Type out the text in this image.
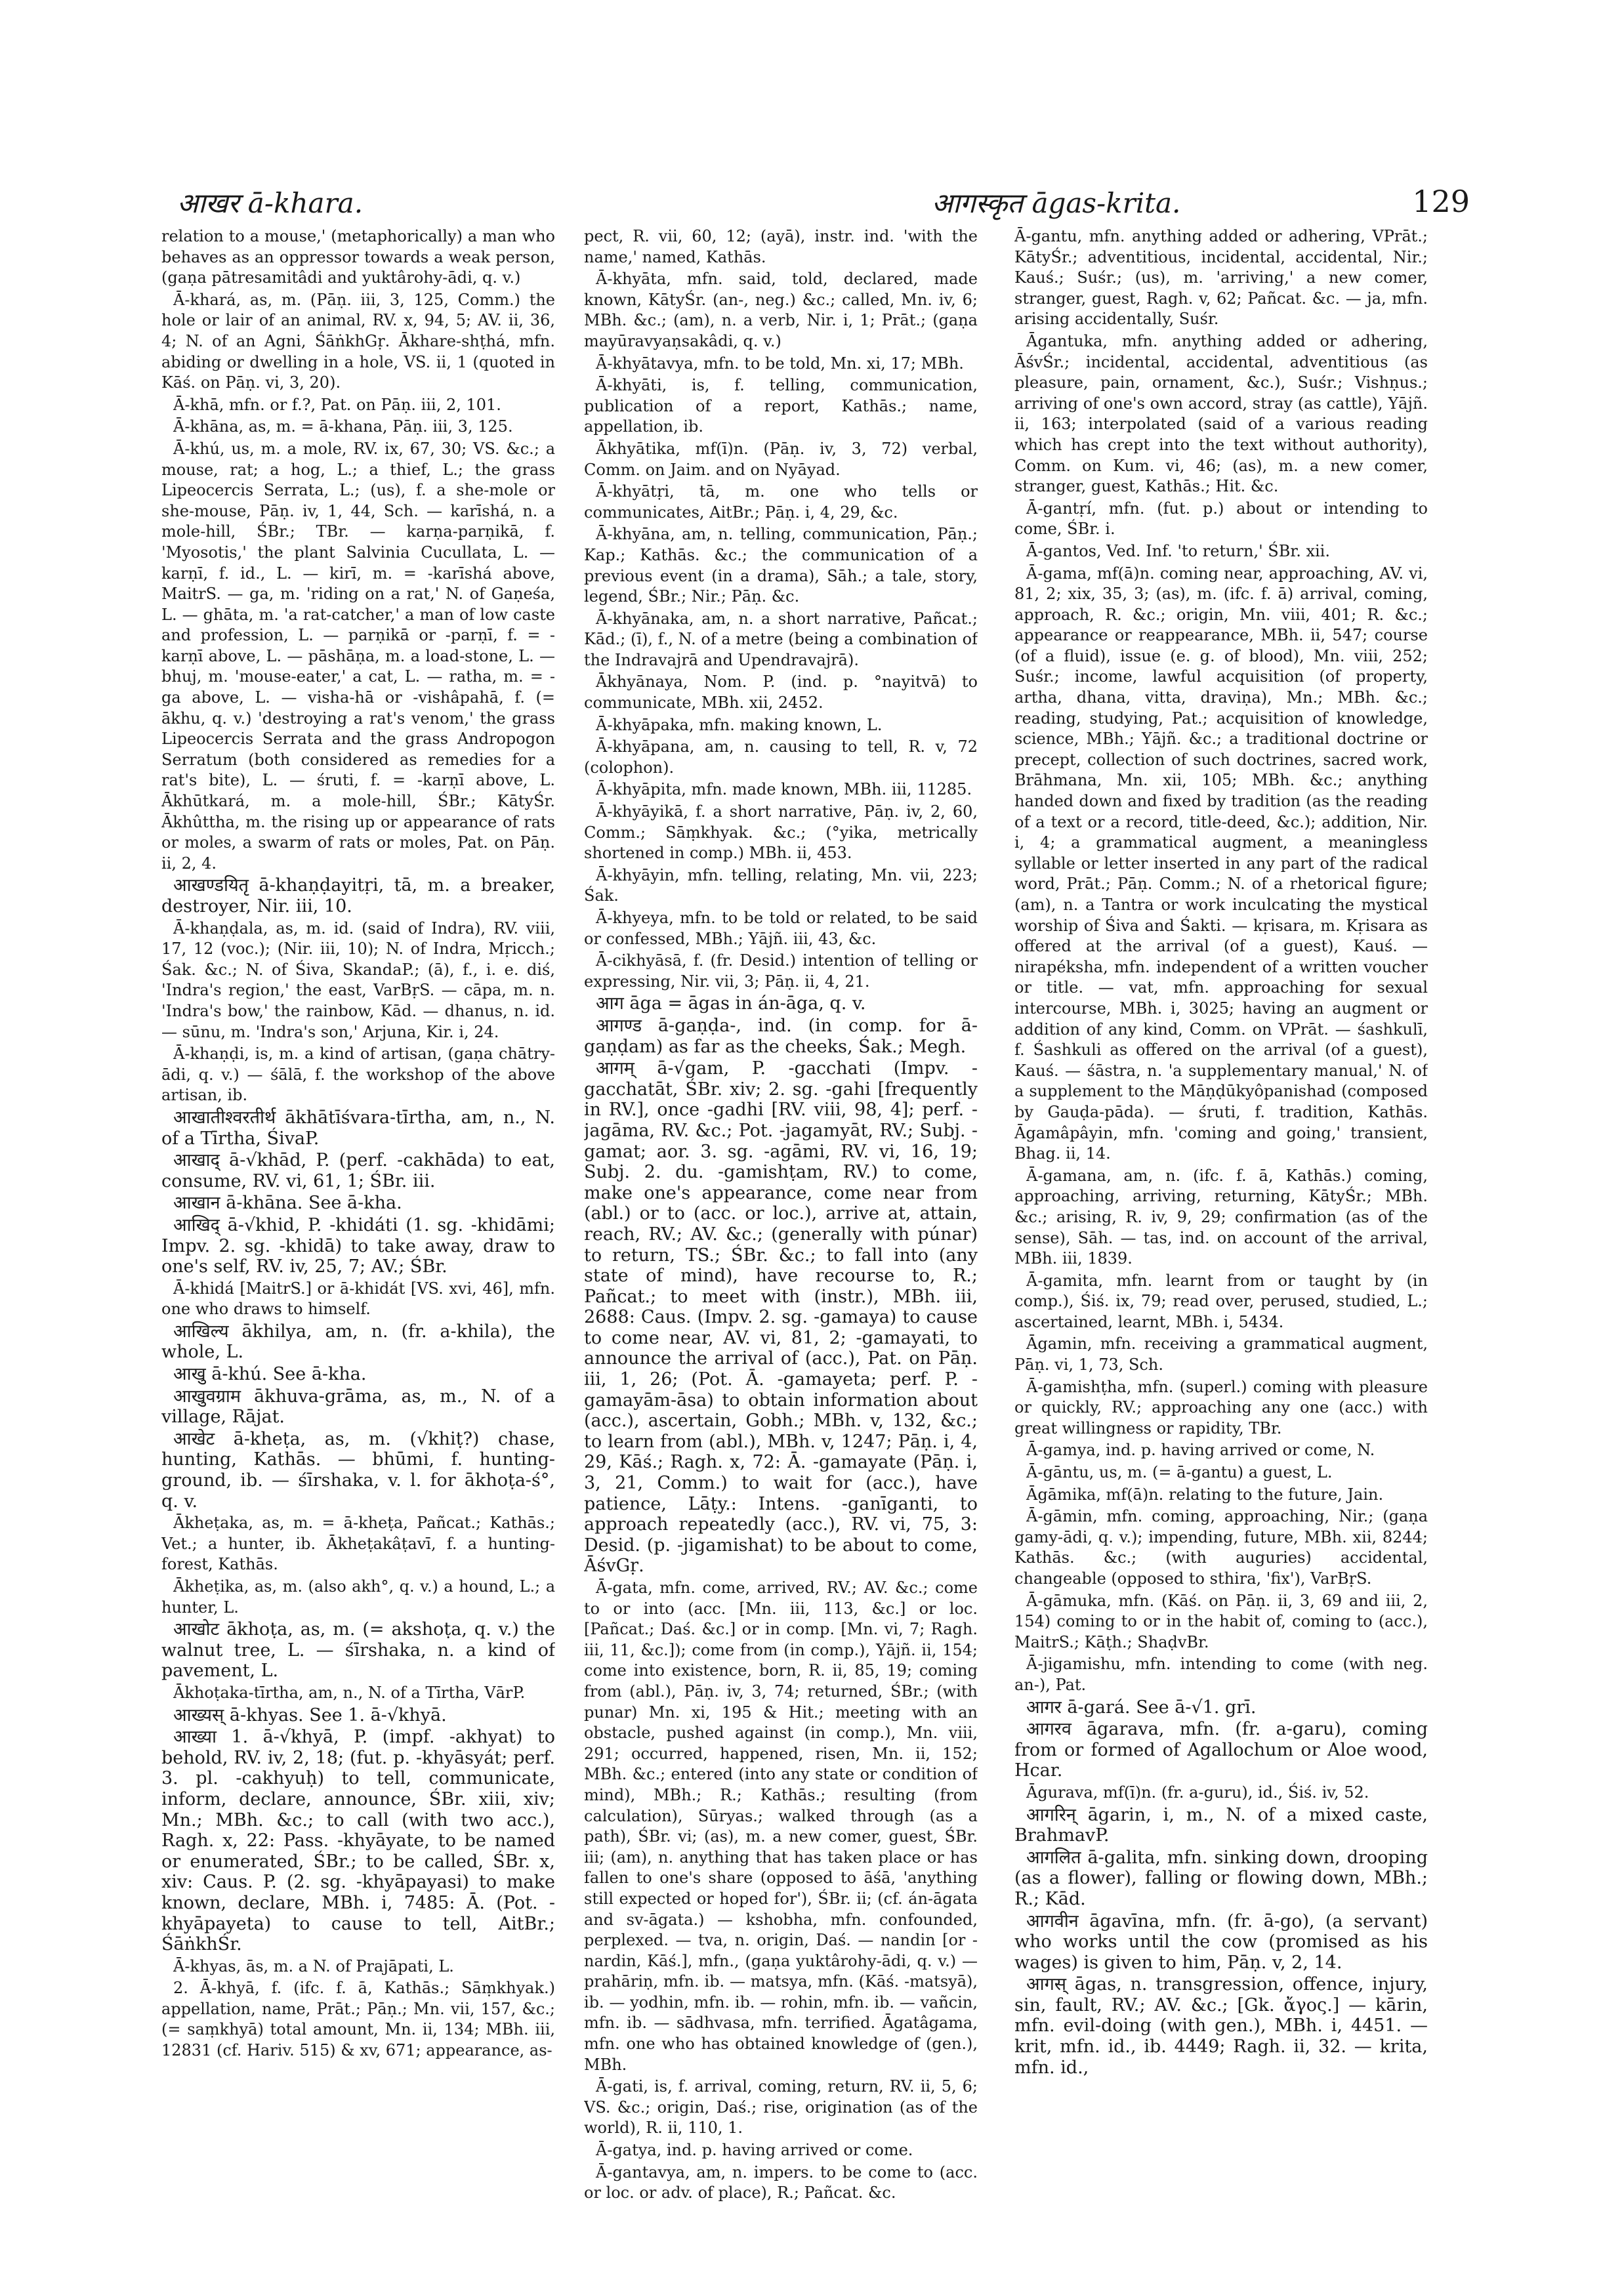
आखर ā-khara.	आगस्कृत āgas-krita.	129

relation to a mouse,' (metaphorically) a man who behaves as an oppressor towards a weak person, (gaṇa pātresamitâdi and yuktârohy-ādi, q. v.)

Ā-khará, as, m. (Pāṇ. iii, 3, 125, Comm.) the hole or lair of an animal, RV. x, 94, 5; AV. ii, 36, 4; N. of an Agni, ŚāṅkhGṛ. Ākhare-shṭhá, mfn. abiding or dwelling in a hole, VS. ii, 1 (quoted in Kāś. on Pāṇ. vi, 3, 20).

Ā-khā, mfn. or f.?, Pat. on Pāṇ. iii, 2, 101.

Ā-khāna, as, m. = ā-khana, Pāṇ. iii, 3, 125.

Ā-khú, us, m. a mole, RV. ix, 67, 30; VS. &c.; a mouse, rat; a hog, L.; a thief, L.; the grass Lipeocercis Serrata, L.; (us), f. a she-mole or she-mouse, Pāṇ. iv, 1, 44, Sch. — karīshá, n. a mole-hill, ŚBr.; TBr. — karṇa-parṇikā, f. 'Myosotis,' the plant Salvinia Cucullata, L. — karṇī, f. id., L. — kirī, m. = -karīshá above, MaitrS. — ga, m. 'riding on a rat,' N. of Gaṇeśa, L. — ghāta, m. 'a rat-catcher,' a man of low caste and profession, L. — parṇikā or -parṇī, f. = -karṇī above, L. — pāshāṇa, m. a load-stone, L. — bhuj, m. 'mouse-eater,' a cat, L. — ratha, m. = -ga above, L. — visha-hā or -vishâpahā, f. (= ākhu, q. v.) 'destroying a rat's venom,' the grass Lipeocercis Serrata and the grass Andropogon Serratum (both considered as remedies for a rat's bite), L. — śruti, f. = -karṇī above, L. Ākhūtkará, m. a mole-hill, ŚBr.; KātyŚr. Ākhûttha, m. the rising up or appearance of rats or moles, a swarm of rats or moles, Pat. on Pāṇ. ii, 2, 4.

आखण्डयितृ ā-khaṇḍayitṛi, tā, m. a breaker, destroyer, Nir. iii, 10.

Ā-khaṇḍala, as, m. id. (said of Indra), RV. viii, 17, 12 (voc.); (Nir. iii, 10); N. of Indra, Mṛicch.; Śak. &c.; N. of Śiva, SkandaP.; (ā), f., i. e. diś, 'Indra's region,' the east, VarBṛS. — cāpa, m. n. 'Indra's bow,' the rainbow, Kād. — dhanus, n. id. — sūnu, m. 'Indra's son,' Arjuna, Kir. i, 24.

Ā-khaṇḍi, is, m. a kind of artisan, (gaṇa chātry-ādi, q. v.) — śālā, f. the workshop of the above artisan, ib.

आखातीश्वरतीर्थ ākhātīśvara-tīrtha, am, n., N. of a Tīrtha, ŚivaP.

आखाद् ā-√khād, P. (perf. -cakhāda) to eat, consume, RV. vi, 61, 1; ŚBr. iii.

आखान ā-khāna. See ā-kha.

आखिद् ā-√khid, P. -khidáti (1. sg. -khidāmi; Impv. 2. sg. -khidā) to take away, draw to one's self, RV. iv, 25, 7; AV.; ŚBr.

Ā-khidá [MaitrS.] or ā-khidát [VS. xvi, 46], mfn. one who draws to himself.

आखिल्य ākhilya, am, n. (fr. a-khila), the whole, L.

आखु ā-khú. See ā-kha.

आखुवग्राम ākhuva-grāma, as, m., N. of a village, Rājat.

आखेट ā-kheṭa, as, m. (√khiṭ?) chase, hunting, Kathās. — bhūmi, f. hunting-ground, ib. — śīrshaka, v. l. for ākhoṭa-ś°, q. v.

Ākheṭaka, as, m. = ā-kheṭa, Pañcat.; Kathās.; Vet.; a hunter, ib. Ākheṭakâṭavī, f. a hunting-forest, Kathās.

Ākheṭika, as, m. (also akh°, q. v.) a hound, L.; a hunter, L.

आखोट ākhoṭa, as, m. (= akshoṭa, q. v.) the walnut tree, L. — śīrshaka, n. a kind of pavement, L.

Ākhoṭaka-tīrtha, am, n., N. of a Tīrtha, VārP.

आख्यस् ā-khyas. See 1. ā-√khyā.

आख्या 1. ā-√khyā, P. (impf. -akhyat) to behold, RV. iv, 2, 18; (fut. p. -khyāsyát; perf. 3. pl. -cakhyuḥ) to tell, communicate, inform, declare, announce, ŚBr. xiii, xiv; Mn.; MBh. &c.; to call (with two acc.), Ragh. x, 22: Pass. -khyāyate, to be named or enumerated, ŚBr.; to be called, ŚBr. x, xiv: Caus. P. (2. sg. -khyāpayasi) to make known, declare, MBh. i, 7485: Ā. (Pot. -khyāpayeta) to cause to tell, AitBr.; ŚāṅkhŚr.

Ā-khyas, ās, m. a N. of Prajāpati, L.

2. Ā-khyā, f. (ifc. f. ā, Kathās.; Sāṃkhyak.) appellation, name, Prāt.; Pāṇ.; Mn. vii, 157, &c.; (= saṃkhyā) total amount, Mn. ii, 134; MBh. iii, 12831 (cf. Hariv. 515) & xv, 671; appearance, as-

pect, R. vii, 60, 12; (ayā), instr. ind. 'with the name,' named, Kathās.

Ā-khyāta, mfn. said, told, declared, made known, KātyŚr. (an-, neg.) &c.; called, Mn. iv, 6; MBh. &c.; (am), n. a verb, Nir. i, 1; Prāt.; (gaṇa mayūravyaṇsakâdi, q. v.)

Ā-khyātavya, mfn. to be told, Mn. xi, 17; MBh.

Ā-khyāti, is, f. telling, communication, publication of a report, Kathās.; name, appellation, ib.

Ākhyātika, mf(ī)n. (Pāṇ. iv, 3, 72) verbal, Comm. on Jaim. and on Nyāyad.

Ā-khyātṛi, tā, m. one who tells or communicates, AitBr.; Pāṇ. i, 4, 29, &c.

Ā-khyāna, am, n. telling, communication, Pāṇ.; Kap.; Kathās. &c.; the communication of a previous event (in a drama), Sāh.; a tale, story, legend, ŚBr.; Nir.; Pāṇ. &c.

Ā-khyānaka, am, n. a short narrative, Pañcat.; Kād.; (ī), f., N. of a metre (being a combination of the Indravajrā and Upendravajrā).

Ākhyānaya, Nom. P. (ind. p. °nayitvā) to communicate, MBh. xii, 2452.

Ā-khyāpaka, mfn. making known, L.

Ā-khyāpana, am, n. causing to tell, R. v, 72 (colophon).

Ā-khyāpita, mfn. made known, MBh. iii, 11285.

Ā-khyāyikā, f. a short narrative, Pāṇ. iv, 2, 60, Comm.; Sāṃkhyak. &c.; (°yika, metrically shortened in comp.) MBh. ii, 453.

Ā-khyāyin, mfn. telling, relating, Mn. vii, 223; Śak.

Ā-khyeya, mfn. to be told or related, to be said or confessed, MBh.; Yājñ. iii, 43, &c.

Ā-cikhyāsā, f. (fr. Desid.) intention of telling or expressing, Nir. vii, 3; Pāṇ. ii, 4, 21.

आग āga = āgas in án-āga, q. v.

आगण्ड ā-gaṇḍa-, ind. (in comp. for ā-gaṇḍam) as far as the cheeks, Śak.; Megh.

आगम् ā-√gam, P. -gacchati (Impv. -gacchatāt, ŚBr. xiv; 2. sg. -gahi [frequently in RV.], once -gadhi [RV. viii, 98, 4]; perf. -jagāma, RV. &c.; Pot. -jagamyāt, RV.; Subj. -gamat; aor. 3. sg. -agāmi, RV. vi, 16, 19; Subj. 2. du. -gamishṭam, RV.) to come, make one's appearance, come near from (abl.) or to (acc. or loc.), arrive at, attain, reach, RV.; AV. &c.; (generally with púnar) to return, TS.; ŚBr. &c.; to fall into (any state of mind), have recourse to, R.; Pañcat.; to meet with (instr.), MBh. iii, 2688: Caus. (Impv. 2. sg. -gamaya) to cause to come near, AV. vi, 81, 2; -gamayati, to announce the arrival of (acc.), Pat. on Pāṇ. iii, 1, 26; (Pot. Ā. -gamayeta; perf. P. -gamayām-āsa) to obtain information about (acc.), ascertain, Gobh.; MBh. v, 132, &c.; to learn from (abl.), MBh. v, 1247; Pāṇ. i, 4, 29, Kāś.; Ragh. x, 72: Ā. -gamayate (Pāṇ. i, 3, 21, Comm.) to wait for (acc.), have patience, Lāṭy.: Intens. -ganīganti, to approach repeatedly (acc.), RV. vi, 75, 3: Desid. (p. -jigamishat) to be about to come, ĀśvGṛ.

Ā-gata, mfn. come, arrived, RV.; AV. &c.; come to or into (acc. [Mn. iii, 113, &c.] or loc. [Pañcat.; Daś. &c.] or in comp. [Mn. vi, 7; Ragh. iii, 11, &c.]); come from (in comp.), Yājñ. ii, 154; come into existence, born, R. ii, 85, 19; coming from (abl.), Pāṇ. iv, 3, 74; returned, ŚBr.; (with punar) Mn. xi, 195 & Hit.; meeting with an obstacle, pushed against (in comp.), Mn. viii, 291; occurred, happened, risen, Mn. ii, 152; MBh. &c.; entered (into any state or condition of mind), MBh.; R.; Kathās.; resulting (from calculation), Sūryas.; walked through (as a path), ŚBr. vi; (as), m. a new comer, guest, ŚBr. iii; (am), n. anything that has taken place or has fallen to one's share (opposed to āśā, 'anything still expected or hoped for'), ŚBr. ii; (cf. án-āgata and sv-āgata.) — kshobha, mfn. confounded, perplexed. — tva, n. origin, Daś. — nandin [or -nardin, Kāś.], mfn., (gaṇa yuktârohy-ādi, q. v.) — prahāriṇ, mfn. ib. — matsya, mfn. (Kāś. -matsyā), ib. — yodhin, mfn. ib. — rohin, mfn. ib. — vañcin, mfn. ib. — sādhvasa, mfn. terrified. Āgatâgama, mfn. one who has obtained knowledge of (gen.), MBh.

Ā-gati, is, f. arrival, coming, return, RV. ii, 5, 6; VS. &c.; origin, Daś.; rise, origination (as of the world), R. ii, 110, 1.

Ā-gatya, ind. p. having arrived or come.

Ā-gantavya, am, n. impers. to be come to (acc. or loc. or adv. of place), R.; Pañcat. &c.

Ā-gantu, mfn. anything added or adhering, VPrāt.; KātyŚr.; adventitious, incidental, accidental, Nir.; Kauś.; Suśr.; (us), m. 'arriving,' a new comer, stranger, guest, Ragh. v, 62; Pañcat. &c. — ja, mfn. arising accidentally, Suśr.

Āgantuka, mfn. anything added or adhering, ĀśvŚr.; incidental, accidental, adventitious (as pleasure, pain, ornament, &c.), Suśr.; Vishṇus.; arriving of one's own accord, stray (as cattle), Yājñ. ii, 163; interpolated (said of a various reading which has crept into the text without authority), Comm. on Kum. vi, 46; (as), m. a new comer, stranger, guest, Kathās.; Hit. &c.

Ā-gantṛí, mfn. (fut. p.) about or intending to come, ŚBr. i.

Ā-gantos, Ved. Inf. 'to return,' ŚBr. xii.

Ā-gama, mf(ā)n. coming near, approaching, AV. vi, 81, 2; xix, 35, 3; (as), m. (ifc. f. ā) arrival, coming, approach, R. &c.; origin, Mn. viii, 401; R. &c.; appearance or reappearance, MBh. ii, 547; course (of a fluid), issue (e. g. of blood), Mn. viii, 252; Suśr.; income, lawful acquisition (of property, artha, dhana, vitta, draviṇa), Mn.; MBh. &c.; reading, studying, Pat.; acquisition of knowledge, science, MBh.; Yājñ. &c.; a traditional doctrine or precept, collection of such doctrines, sacred work, Brāhmana, Mn. xii, 105; MBh. &c.; anything handed down and fixed by tradition (as the reading of a text or a record, title-deed, &c.); addition, Nir. i, 4; a grammatical augment, a meaningless syllable or letter inserted in any part of the radical word, Prāt.; Pāṇ. Comm.; N. of a rhetorical figure; (am), n. a Tantra or work inculcating the mystical worship of Śiva and Śakti. — kṛisara, m. Kṛisara as offered at the arrival (of a guest), Kauś. — nirapéksha, mfn. independent of a written voucher or title. — vat, mfn. approaching for sexual intercourse, MBh. i, 3025; having an augment or addition of any kind, Comm. on VPrāt. — śashkulī, f. Śashkuli as offered on the arrival (of a guest), Kauś. — śāstra, n. 'a supplementary manual,' N. of a supplement to the Māṇḍūkyôpanishad (composed by Gauḍa-pāda). — śruti, f. tradition, Kathās. Āgamâpâyin, mfn. 'coming and going,' transient, Bhag. ii, 14.

Ā-gamana, am, n. (ifc. f. ā, Kathās.) coming, approaching, arriving, returning, KātyŚr.; MBh. &c.; arising, R. iv, 9, 29; confirmation (as of the sense), Sāh. — tas, ind. on account of the arrival, MBh. iii, 1839.

Ā-gamita, mfn. learnt from or taught by (in comp.), Śiś. ix, 79; read over, perused, studied, L.; ascertained, learnt, MBh. i, 5434.

Āgamin, mfn. receiving a grammatical augment, Pāṇ. vi, 1, 73, Sch.

Ā-gamishṭha, mfn. (superl.) coming with pleasure or quickly, RV.; approaching any one (acc.) with great willingness or rapidity, TBr.

Ā-gamya, ind. p. having arrived or come, N.

Ā-gāntu, us, m. (= ā-gantu) a guest, L.

Āgāmika, mf(ā)n. relating to the future, Jain.

Ā-gāmin, mfn. coming, approaching, Nir.; (gaṇa gamy-ādi, q. v.); impending, future, MBh. xii, 8244; Kathās. &c.; (with auguries) accidental, changeable (opposed to sthira, 'fix'), VarBṛS.

Ā-gāmuka, mfn. (Kāś. on Pāṇ. ii, 3, 69 and iii, 2, 154) coming to or in the habit of, coming to (acc.), MaitrS.; Kāṭh.; ShaḍvBr.

Ā-jigamishu, mfn. intending to come (with neg. an-), Pat.

आगर ā-gará. See ā-√1. grī.

आगरव āgarava, mfn. (fr. a-garu), coming from or formed of Agallochum or Aloe wood, Hcar.

Āgurava, mf(ī)n. (fr. a-guru), id., Śiś. iv, 52.

आगरिन् āgarin, i, m., N. of a mixed caste, BrahmavP.

आगलित ā-galita, mfn. sinking down, drooping (as a flower), falling or flowing down, MBh.; R.; Kād.

आगवीन āgavīna, mfn. (fr. ā-go), (a servant) who works until the cow (promised as his wages) is given to him, Pāṇ. v, 2, 14.

आगस् āgas, n. transgression, offence, injury, sin, fault, RV.; AV. &c.; [Gk. ἄγος.] — kārin, mfn. evil-doing (with gen.), MBh. i, 4451. — krit, mfn. id., ib. 4449; Ragh. ii, 32. — krita, mfn. id.,
